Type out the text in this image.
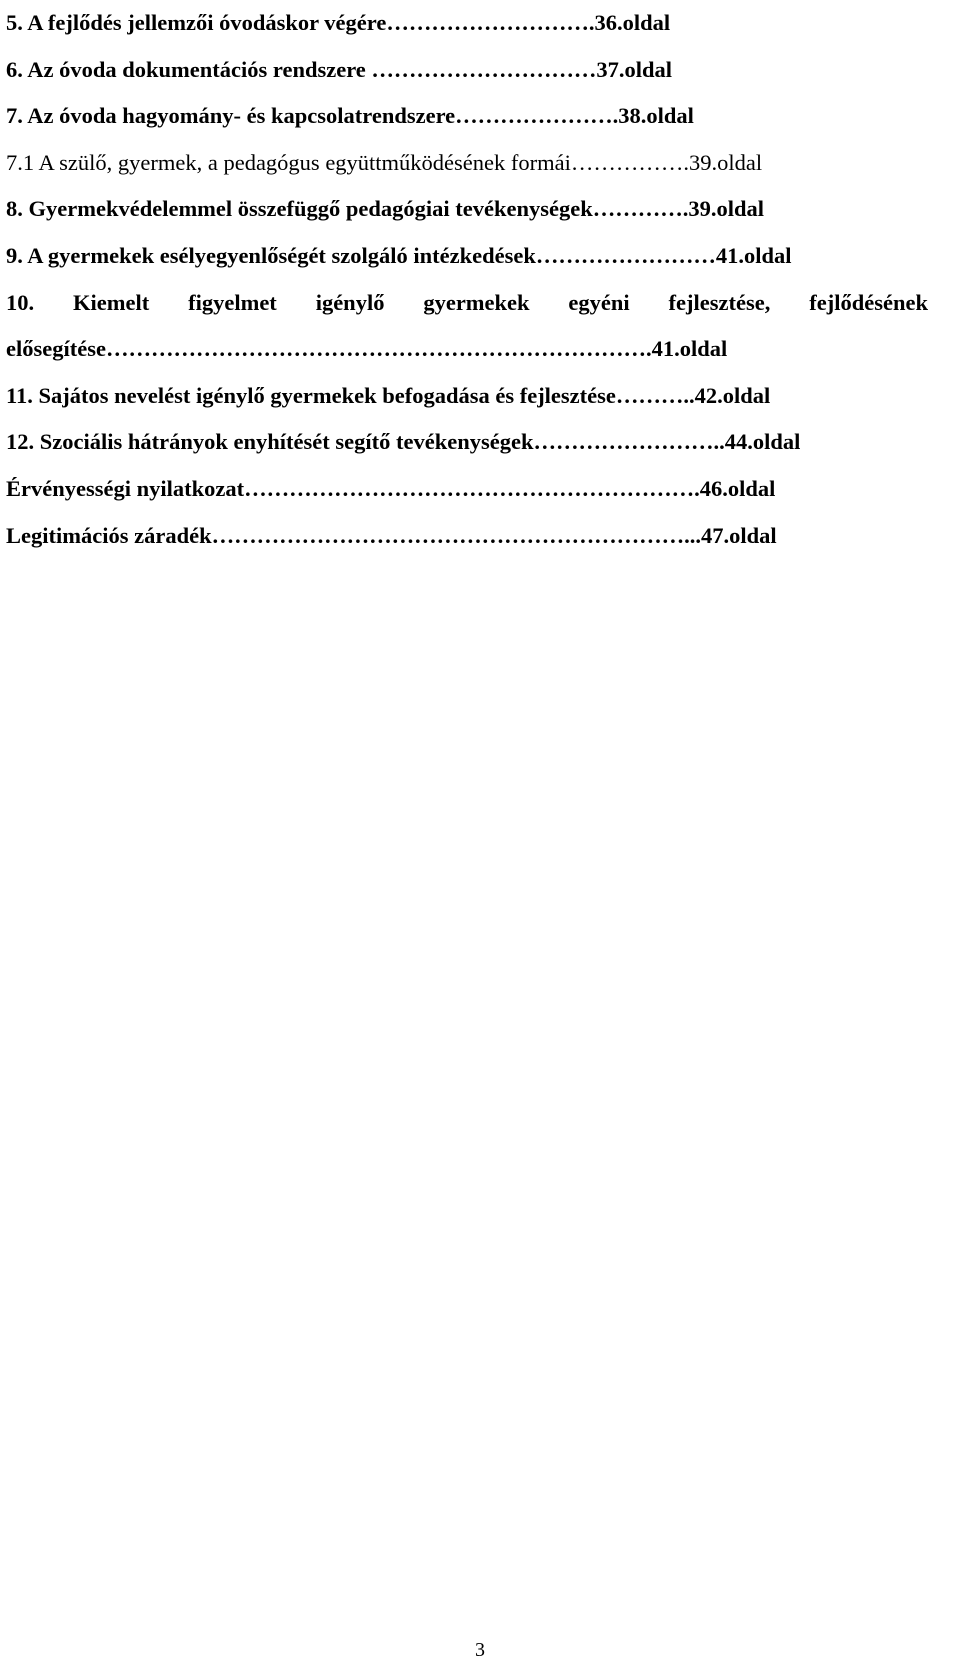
5. A fejlődés jellemzői óvodáskor végére……………………….36.oldal
6. Az óvoda dokumentációs rendszere …………………………37.oldal
7. Az óvoda hagyomány- és kapcsolatrendszere………………….38.oldal
7.1 A szülő, gyermek, a pedagógus együttműködésének formái…………….39.oldal
8. Gyermekvédelemmel összefüggő pedagógiai tevékenységek………….39.oldal
9. A gyermekek esélyegyenlőségét szolgáló intézkedések……………………41.oldal
10. Kiemelt figyelmet igénylő gyermekek egyéni fejlesztése, fejlődésének
elősegítése……………………………………………………………….41.oldal
11. Sajátos nevelést igénylő gyermekek befogadása és fejlesztése………..42.oldal
12. Szociális hátrányok enyhítését segítő tevékenységek……………………..44.oldal
Érvényességi nyilatkozat…………………………………………………….46.oldal
Legitimációs záradék………………………………………………………...47.oldal
3
